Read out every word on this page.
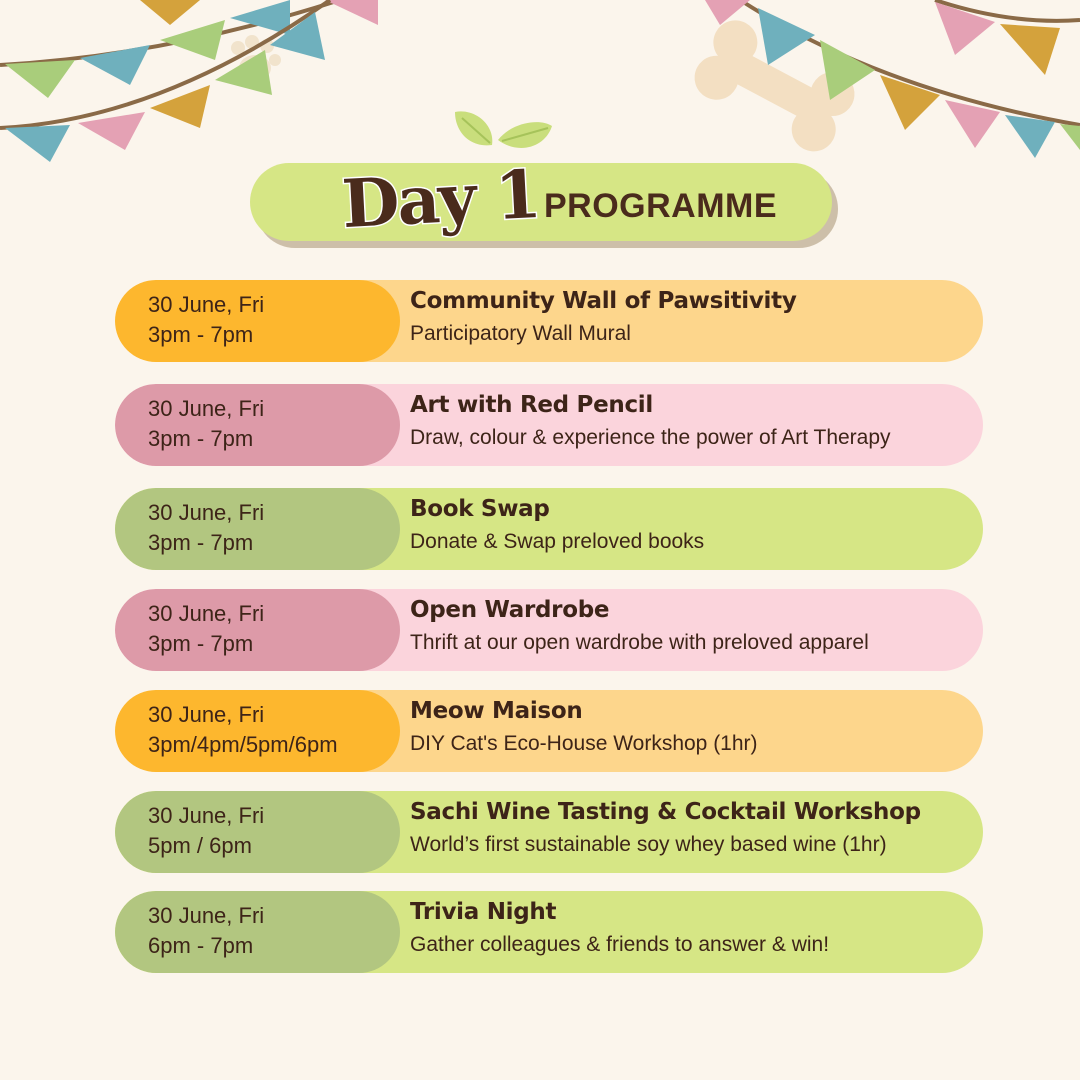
Day 1 PROGRAMME
30 June, Fri
3pm - 7pm
Community Wall of Pawsitivity
Participatory Wall Mural
30 June, Fri
3pm - 7pm
Art with Red Pencil
Draw, colour & experience the power of Art Therapy
30 June, Fri
3pm - 7pm
Book Swap
Donate & Swap preloved books
30 June, Fri
3pm - 7pm
Open Wardrobe
Thrift at our open wardrobe with preloved apparel
30 June, Fri
3pm/4pm/5pm/6pm
Meow Maison
DIY Cat's Eco-House Workshop (1hr)
30 June, Fri
5pm / 6pm
Sachi Wine Tasting & Cocktail Workshop
World’s first sustainable soy whey based wine (1hr)
30 June, Fri
6pm - 7pm
Trivia Night
Gather colleagues & friends to answer & win!
